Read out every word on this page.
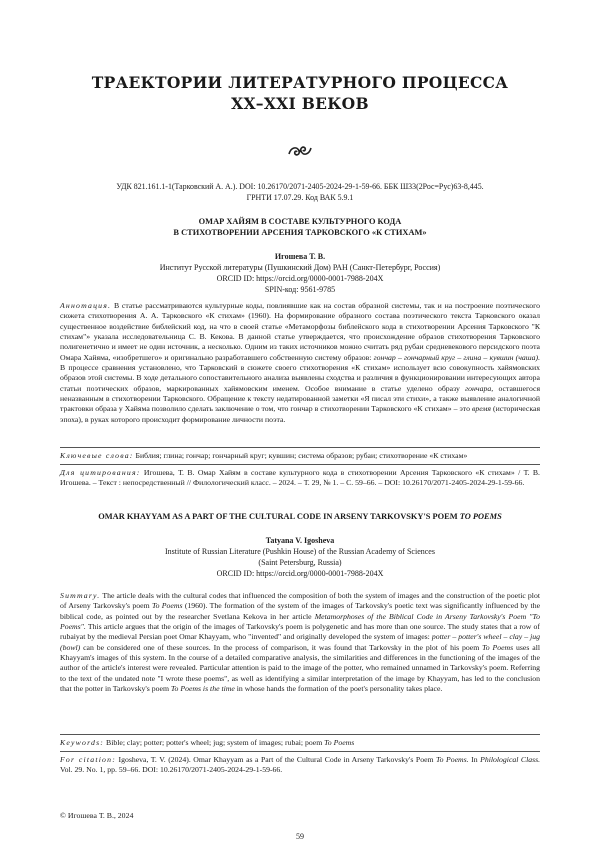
ТРАЕКТОРИИ ЛИТЕРАТУРНОГО ПРОЦЕССА
XX–XXI ВЕКОВ
УДК 821.161.1-1(Тарковский А. А.). DOI: 10.26170/2071-2405-2024-29-1-59-66. ББК Ш33(2Рос=Рус)63-8,445.
ГРНТИ 17.07.29. Код ВАК 5.9.1
ОМАР ХАЙЯМ В СОСТАВЕ КУЛЬТУРНОГО КОДА
В СТИХОТВОРЕНИИ АРСЕНИЯ ТАРКОВСКОГО «К СТИХАМ»
Игошева Т. В.
Институт Русской литературы (Пушкинский Дом) РАН (Санкт-Петербург, Россия)
ORCID ID: https://orcid.org/0000-0001-7988-204X
SPIN-код: 9561-9785
Аннотация. В статье рассматриваются культурные коды, повлиявшие как на состав образной системы, так и на построение поэтического сюжета стихотворения А. А. Тарковского «К стихам» (1960). На формирование образного состава поэтического текста Тарковского оказал существенное воздействие библейский код, на что в своей статье «Метаморфозы библейского кода в стихотворении Арсения Тарковского "К стихам"» указала исследовательница С. В. Кекова. В данной статье утверждается, что происхождение образов стихотворения Тарковского полигенетично и имеет не один источник, а несколько. Одним из таких источников можно считать ряд рубаи средневекового персидского поэта Омара Хайяма, «изобретшего» и оригинально разработавшего собственную систему образов: гончар – гончарный круг – глина – кувшин (чаша). В процессе сравнения установлено, что Тарковский в сюжете своего стихотворения «К стихам» использует всю совокупность хайямовских образов этой системы. В ходе детального сопоставительного анализа выявлены сходства и различия в функционировании интересующих автора статьи поэтических образов, маркированных хайямовским именем. Особое внимание в статье уделено образу гончара, оставшегося неназванным в стихотворении Тарковского. Обращение к тексту недатированной заметки «Я писал эти стихи», а также выявление аналогичной трактовки образа у Хайяма позволило сделать заключение о том, что гончар в стихотворении Тарковского «К стихам» – это время (историческая эпоха), в руках которого происходит формирование личности поэта.
Ключевые слова: Библия; глина; гончар; гончарный круг; кувшин; система образов; рубаи; стихотворение «К стихам»
Для цитирования: Игошева, Т. В. Омар Хайям в составе культурного кода в стихотворении Арсения Тарковского «К стихам» / Т. В. Игошева. – Текст : непосредственный // Филологический класс. – 2024. – Т. 29, № 1. – С. 59–66. – DOI: 10.26170/2071-2405-2024-29-1-59-66.
OMAR KHAYYAM AS A PART OF THE CULTURAL CODE IN ARSENY TARKOVSKY'S POEM TO POEMS
Tatyana V. Igosheva
Institute of Russian Literature (Pushkin House) of the Russian Academy of Sciences
(Saint Petersburg, Russia)
ORCID ID: https://orcid.org/0000-0001-7988-204X
Summary. The article deals with the cultural codes that influenced the composition of both the system of images and the construction of the poetic plot of Arseny Tarkovsky's poem To Poems (1960). The formation of the system of the images of Tarkovsky's poetic text was significantly influenced by the biblical code, as pointed out by the researcher Svetlana Kekova in her article Metamorphoses of the Biblical Code in Arseny Tarkovsky's Poem "To Poems". This article argues that the origin of the images of Tarkovsky's poem is polygenetic and has more than one source. The study states that a row of rubaiyat by the medieval Persian poet Omar Khayyam, who "invented" and originally developed the system of images: potter – potter's wheel – clay – jug (bowl) can be considered one of these sources. In the process of comparison, it was found that Tarkovsky in the plot of his poem To Poems uses all Khayyam's images of this system. In the course of a detailed comparative analysis, the similarities and differences in the functioning of the images of the author of the article's interest were revealed. Particular attention is paid to the image of the potter, who remained unnamed in Tarkovsky's poem. Referring to the text of the undated note "I wrote these poems", as well as identifying a similar interpretation of the image by Khayyam, has led to the conclusion that the potter in Tarkovsky's poem To Poems is the time in whose hands the formation of the poet's personality takes place.
Keywords: Bible; clay; potter; potter's wheel; jug; system of images; rubai; poem To Poems
For citation: Igosheva, T. V. (2024). Omar Khayyam as a Part of the Cultural Code in Arseny Tarkovsky's Poem To Poems. In Philological Class. Vol. 29. No. 1, pp. 59–66. DOI: 10.26170/2071-2405-2024-29-1-59-66.
© Игошева Т. В., 2024
59
